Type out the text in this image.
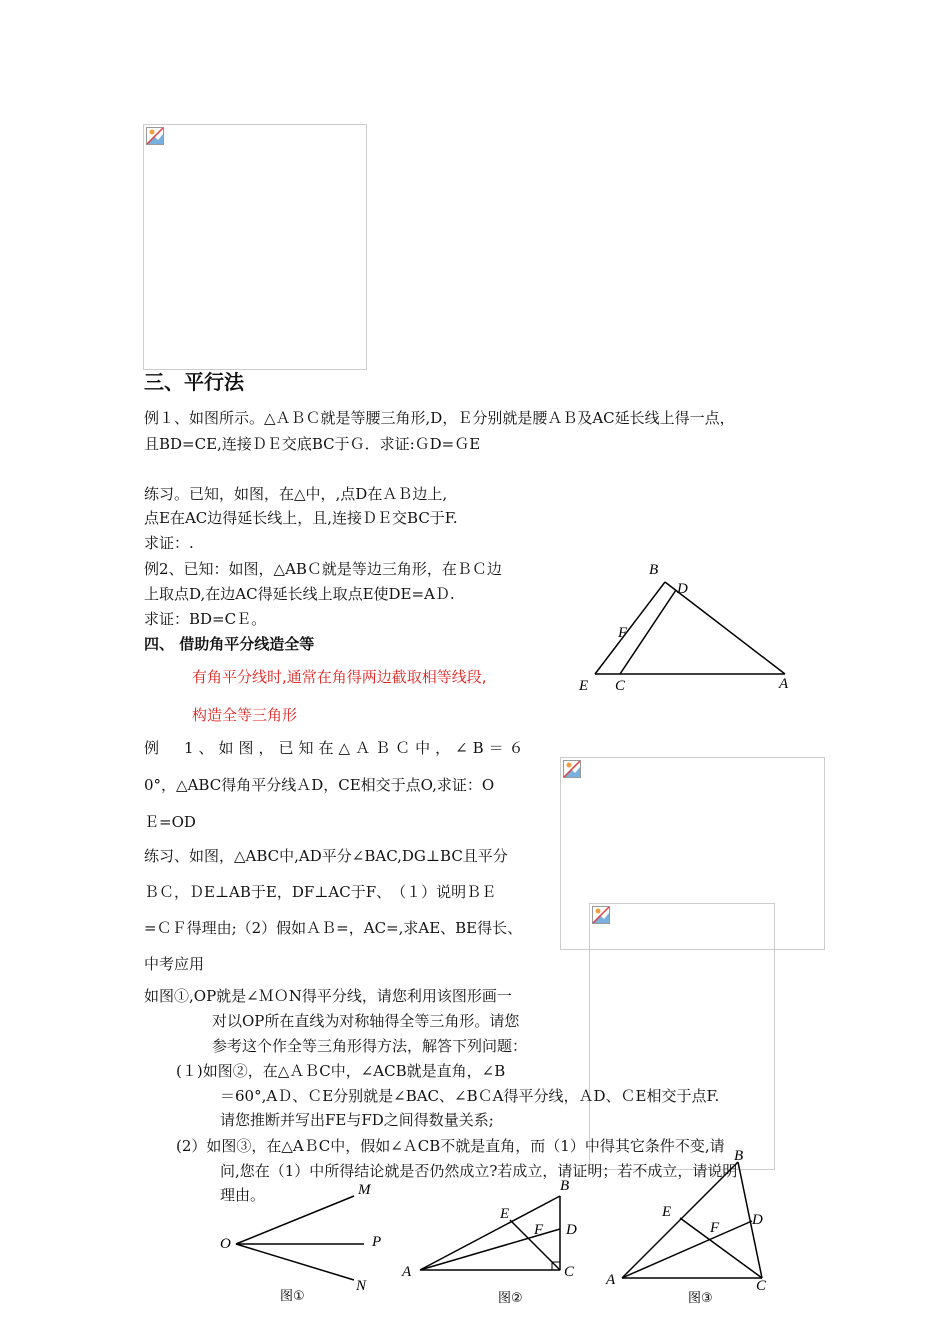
三、平行法
例１、如图所示。△ＡＢＣ就是等腰三角形,D，Ｅ分别就是腰ＡＢ及AC延长线上得一点，
且BD=CE,连接ＤＥ交底BC于Ｇ．求证:ＧD=ＧE
练习。已知，如图，在△中，,点D在ＡＢ边上,
点E在AC边得延长线上，且,连接ＤＥ交BC于F.
求证：.
例2、已知：如图，△ABＣ就是等边三角形，在ＢＣ边
上取点D,在边AC得延长线上取点E使DE=AＤ.
求证：BD=CＥ。
B
D
F
E C	A
四、 借助角平分线造全等
有角平分线时,通常在角得两边截取相等线段,
构造全等三角形
例　1、如图，已知在△ＡＢＣ中，∠B＝６
0°，△ABC得角平分线ＡD，CE相交于点O,求证：O
Ｅ=OD
练习、如图，△ABC中,AD平分∠BAC,DG⊥BC且平分
ＢＣ，ＤE⊥AB于E，DF⊥AC于F、　（１）说明ＢＥ
=ＣＦ得理由;（2）假如ＡＢ=，AC=,求AE、BE得长、
中考应用
如图①,OP就是∠ＭＯN得平分线，请您利用该图形画一
对以OP所在直线为对称轴得全等三角形。请您
参考这个作全等三角形得方法，解答下列问题：
(１)如图②，在△ＡＢC中，∠ACB就是直角，∠B
＝60°,AＤ、ＣE分别就是∠BAC、∠BＣA得平分线，ＡD、ＣE相交于点F.
请您推断并写出FE与FD之间得数量关系;
(2）如图③，在△AＢC中，假如∠ＡCB不就是直角，而（1）中得其它条件不变,请
问,您在（1）中所得结论就是否仍然成立?若成立，请证明；若不成立，请说明
理由。	M
O	P
N
图①
B
E
F D
A	C
图②
B
E
F D
A	C
图③
